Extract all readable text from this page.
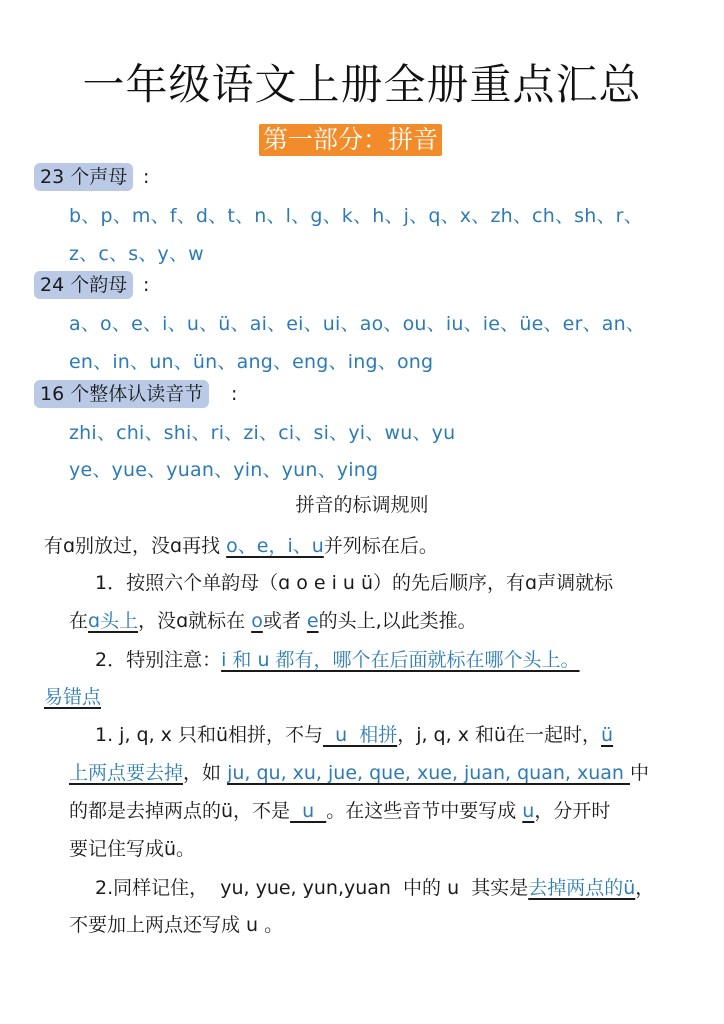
一年级语文上册全册重点汇总
第一部分：拼音
23 个声母 :
b、p、m、f、d、t、n、l、g、k、h、j、q、x、zh、ch、sh、r、
z、c、s、y、w
24 个韵母 :
a、o、e、i、u、ü、ai、ei、ui、ao、ou、iu、ie、üe、er、an、
en、in、un、ün、ang、eng、ing、ong
16 个整体认读音节	:
zhi、chi、shi、ri、zi、ci、si、yi、wu、yu
ye、yue、yuan、yin、yun、ying
拼音的标调规则
有ɑ别放过，没ɑ再找 o、e，i、u并列标在后。
1．按照六个单韵母（ɑ o e i u ü）的先后顺序，有ɑ声调就标
在ɑ头上，没ɑ就标在 o或者 e的头上,以此类推。
2．特别注意：i 和 u 都有，哪个在后面就标在哪个头上。
易错点
1. j, q, x 只和ü相拼，不与  u  相拼，j, q, x 和ü在一起时，ü
上两点要去掉，如 ju, qu, xu, jue, que, xue, juan, quan, xuan 中
的都是去掉两点的ü，不是  u  。在这些音节中要写成 u，分开时
要记住写成ü。
2.同样记住，  yu, yue, yun,yuan  中的 u  其实是去掉两点的ü，
不要加上两点还写成 u 。
